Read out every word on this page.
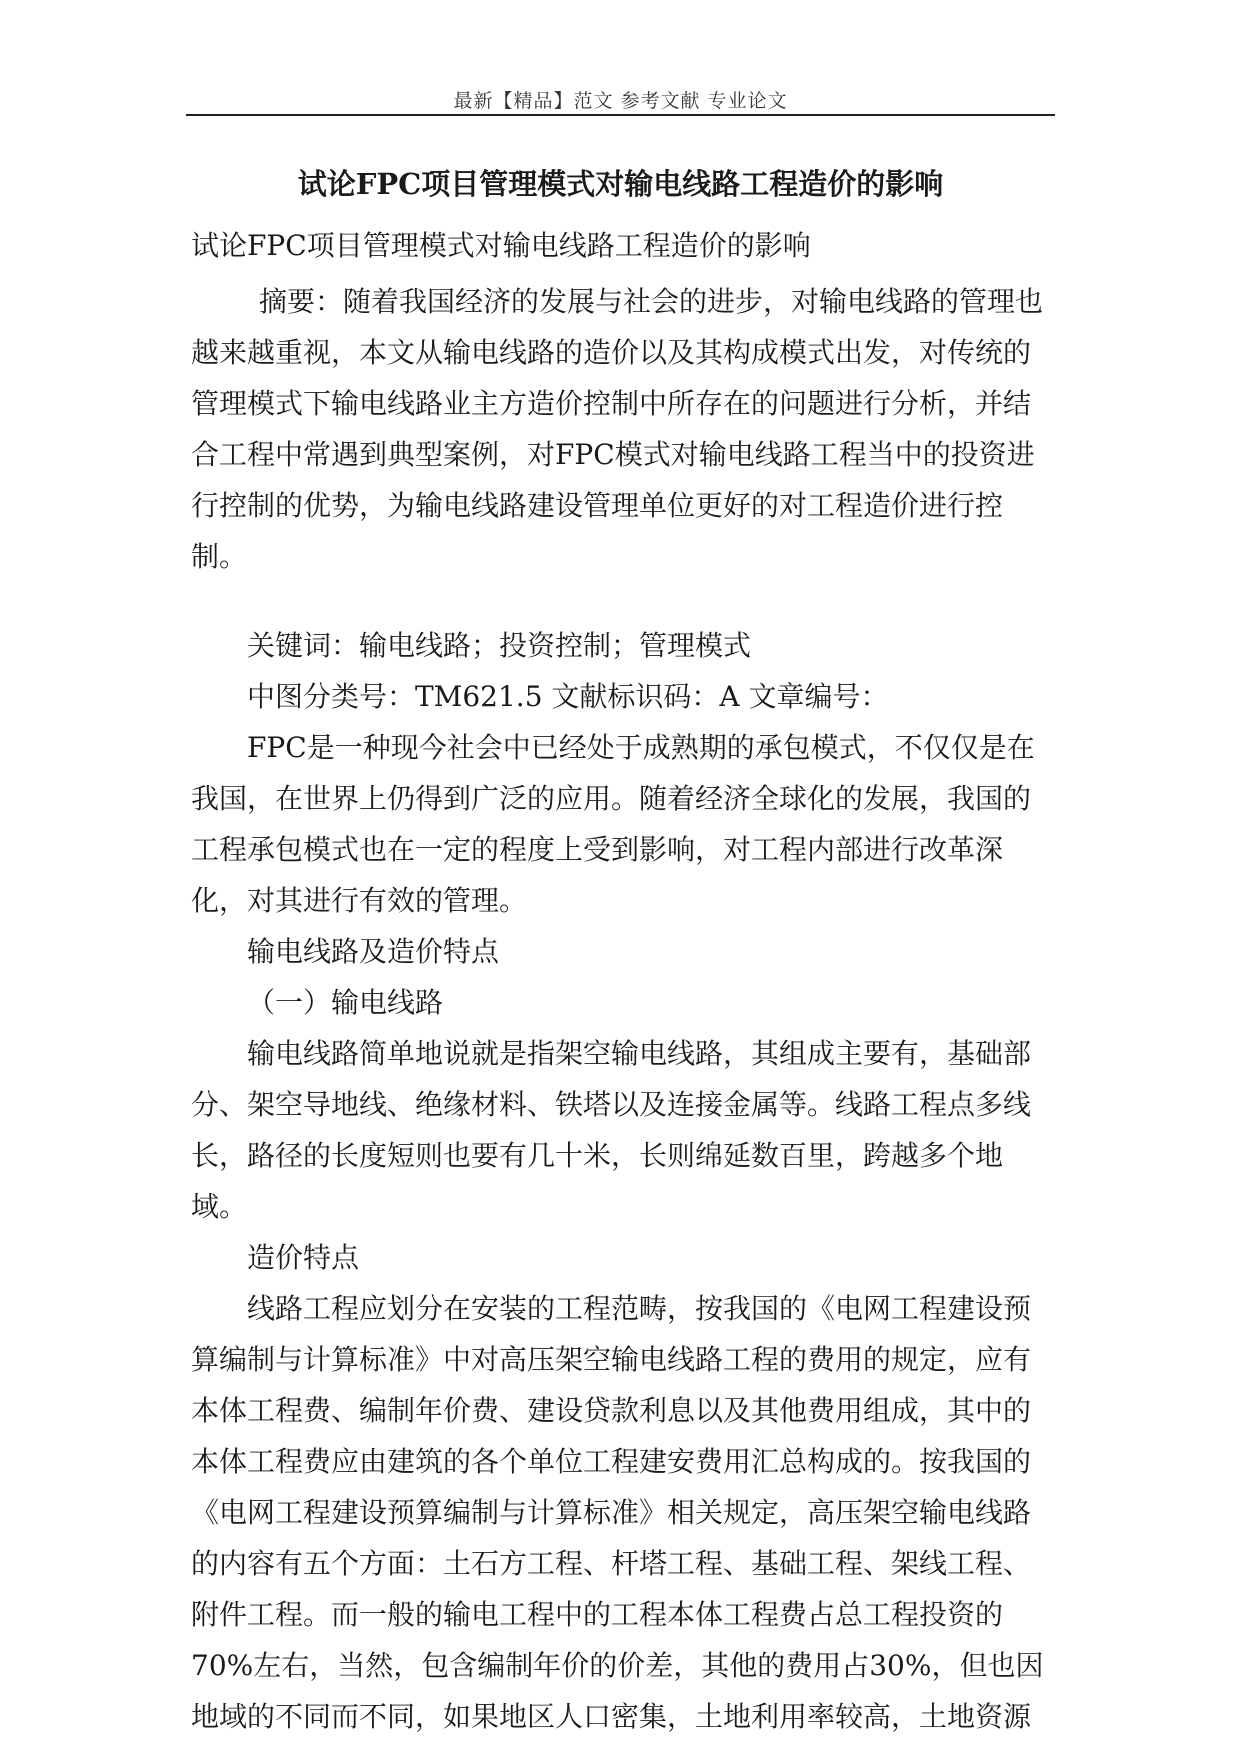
最新【精品】范文 参考文献 专业论文
试论FPC项目管理模式对输电线路工程造价的影响

试论FPC项目管理模式对输电线路工程造价的影响

摘要：随着我国经济的发展与社会的进步，对输电线路的管理也越来越重视，本文从输电线路的造价以及其构成模式出发，对传统的管理模式下输电线路业主方造价控制中所存在的问题进行分析，并结合工程中常遇到典型案例，对FPC模式对输电线路工程当中的投资进行控制的优势，为输电线路建设管理单位更好的对工程造价进行控制。

关键词：输电线路；投资控制；管理模式

中图分类号：TM621.5 文献标识码：A 文章编号：

FPC是一种现今社会中已经处于成熟期的承包模式，不仅仅是在我国，在世界上仍得到广泛的应用。随着经济全球化的发展，我国的工程承包模式也在一定的程度上受到影响，对工程内部进行改革深化，对其进行有效的管理。

输电线路及造价特点

（一）输电线路

输电线路简单地说就是指架空输电线路，其组成主要有，基础部分、架空导地线、绝缘材料、铁塔以及连接金属等。线路工程点多线长，路径的长度短则也要有几十米，长则绵延数百里，跨越多个地域。

造价特点

线路工程应划分在安装的工程范畴，按我国的《电网工程建设预算编制与计算标准》中对高压架空输电线路工程的费用的规定，应有本体工程费、编制年价费、建设贷款利息以及其他费用组成，其中的本体工程费应由建筑的各个单位工程建安费用汇总构成的。按我国的《电网工程建设预算编制与计算标准》相关规定，高压架空输电线路的内容有五个方面：土石方工程、杆塔工程、基础工程、架线工程、附件工程。而一般的输电工程中的工程本体工程费占总工程投资的70%左右，当然，包含编制年价的价差，其他的费用占30%，但也因地域的不同而不同，如果地区人口密集，土地利用率较高，土地资源
